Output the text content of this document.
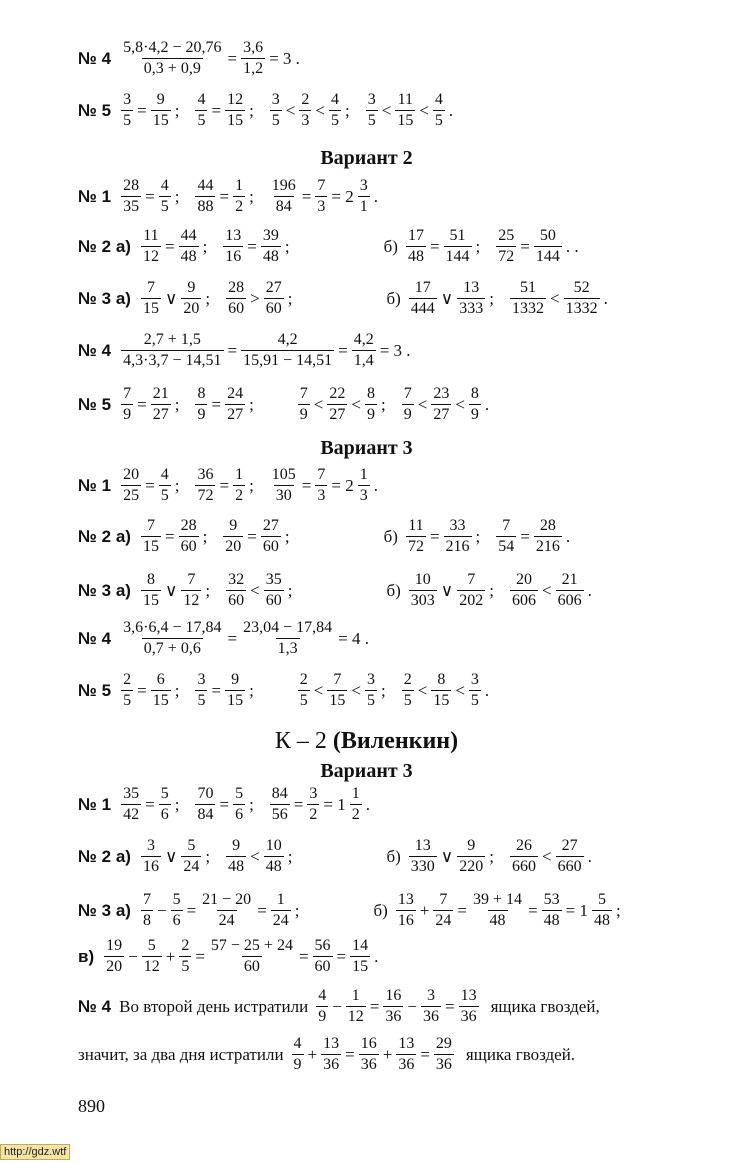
Вариант 2
Вариант 3
К – 2 (Виленкин)
Вариант 3
№ $4 \frac{5,8\cdot 4,2 - 20,76}{0,3 + 0,9} = \frac{3,6}{1,2} = 3$ .
№ $5 \frac{3}{5} = \frac{9}{15}$ ; $\frac{4}{5} = \frac{12}{15}$ ; $\frac{3}{5} < \frac{2}{3} < \frac{4}{5}$ ; $\frac{3}{5} < \frac{11}{15} < \frac{4}{5}$ .
№ $1 \frac{28}{35} = \frac{4}{5}$ ; $\frac{44}{88} = \frac{1}{2}$ ; $\frac{196}{84} = \frac{7}{3} = 2 \frac{3}{1}$ .
№ 2 $а) \frac{11}{12} = \frac{44}{48}$ ; $\frac{13}{16} = \frac{39}{48}$ ;	$б) \frac{17}{48} = \frac{51}{144}$ ; $\frac{25}{72} = \frac{50}{144}$ . .
№ 3 $а) \frac{7}{15}$ ∨ $\frac{9}{20}$ ; $\frac{28}{60} > \frac{27}{60}$ ;	$б) \frac{17}{444}$ ∨ $\frac{13}{333}$ ; $\frac{51}{1332} < \frac{52}{1332}$ .
№ $4 \frac{2,7 + 1,5}{4,3\cdot 3,7 - 14,51} = \frac{4,2}{15,91 - 14,51} = \frac{4,2}{1,4} = 3$ .
№ $5 \frac{7}{9} = \frac{21}{27}$ ; $\frac{8}{9} = \frac{24}{27}$ ;	$\frac{7}{9} < \frac{22}{27} < \frac{8}{9}$ ; $\frac{7}{9} < \frac{23}{27} < \frac{8}{9}$ .
№ $1 \frac{20}{25} = \frac{4}{5}$ ; $\frac{36}{72} = \frac{1}{2}$ ; $\frac{105}{30} = \frac{7}{3} = 2 \frac{1}{3}$ .
№ 2 $а) \frac{7}{15} = \frac{28}{60}$ ; $\frac{9}{20} = \frac{27}{60}$ ;	$б) \frac{11}{72} = \frac{33}{216}$ ; $\frac{7}{54} = \frac{28}{216}$ .
№ 3 $а) \frac{8}{15}$ ∨ $\frac{7}{12}$ ; $\frac{32}{60} < \frac{35}{60}$ ;	$б) \frac{10}{303}$ ∨ $\frac{7}{202}$ ; $\frac{20}{606} < \frac{21}{606}$ .
№ $4 \frac{3,6\cdot 6,4 - 17,84}{0,7 + 0,6} = \frac{23,04 - 17,84}{1,3} = 4$ .
№ $5 \frac{2}{5} = \frac{6}{15}$ ; $\frac{3}{5} = \frac{9}{15}$ ;	$\frac{2}{5} < \frac{7}{15} < \frac{3}{5}$ ; $\frac{2}{5} < \frac{8}{15} < \frac{3}{5}$ .
№ $1 \frac{35}{42} = \frac{5}{6}$ ; $\frac{70}{84} = \frac{5}{6}$ ; $\frac{84}{56} = \frac{3}{2} = 1 \frac{1}{2}$ .
№ 2 $а) \frac{3}{16}$ ∨ $\frac{5}{24}$ ; $\frac{9}{48} < \frac{10}{48}$ ;	$б) \frac{13}{330}$ ∨ $\frac{9}{220}$ ; $\frac{26}{660} < \frac{27}{660}$ .
№ 3 $а) \frac{7}{8} - \frac{5}{6} = \frac{21 - 20}{24} = \frac{1}{24}$ ;	$б) \frac{13}{16} + \frac{7}{24} = \frac{39 + 14}{48} = \frac{53}{48} = 1 \frac{5}{48}$ ;
$в) \frac{19}{20} - \frac{5}{12} + \frac{2}{5} = \frac{57 - 25 + 24}{60} = \frac{56}{60} = \frac{14}{15}$ .
№ 4 Во второй день истратили $\frac{4}{9} - \frac{1}{12} = \frac{16}{36} - \frac{3}{36} = \frac{13}{36}$ ящика гвоздей,
значит, за два дня истратили $\frac{4}{9} + \frac{13}{36} = \frac{16}{36} + \frac{13}{36} = \frac{29}{36}$ ящика гвоздей.
890
http://gdz.wtf
